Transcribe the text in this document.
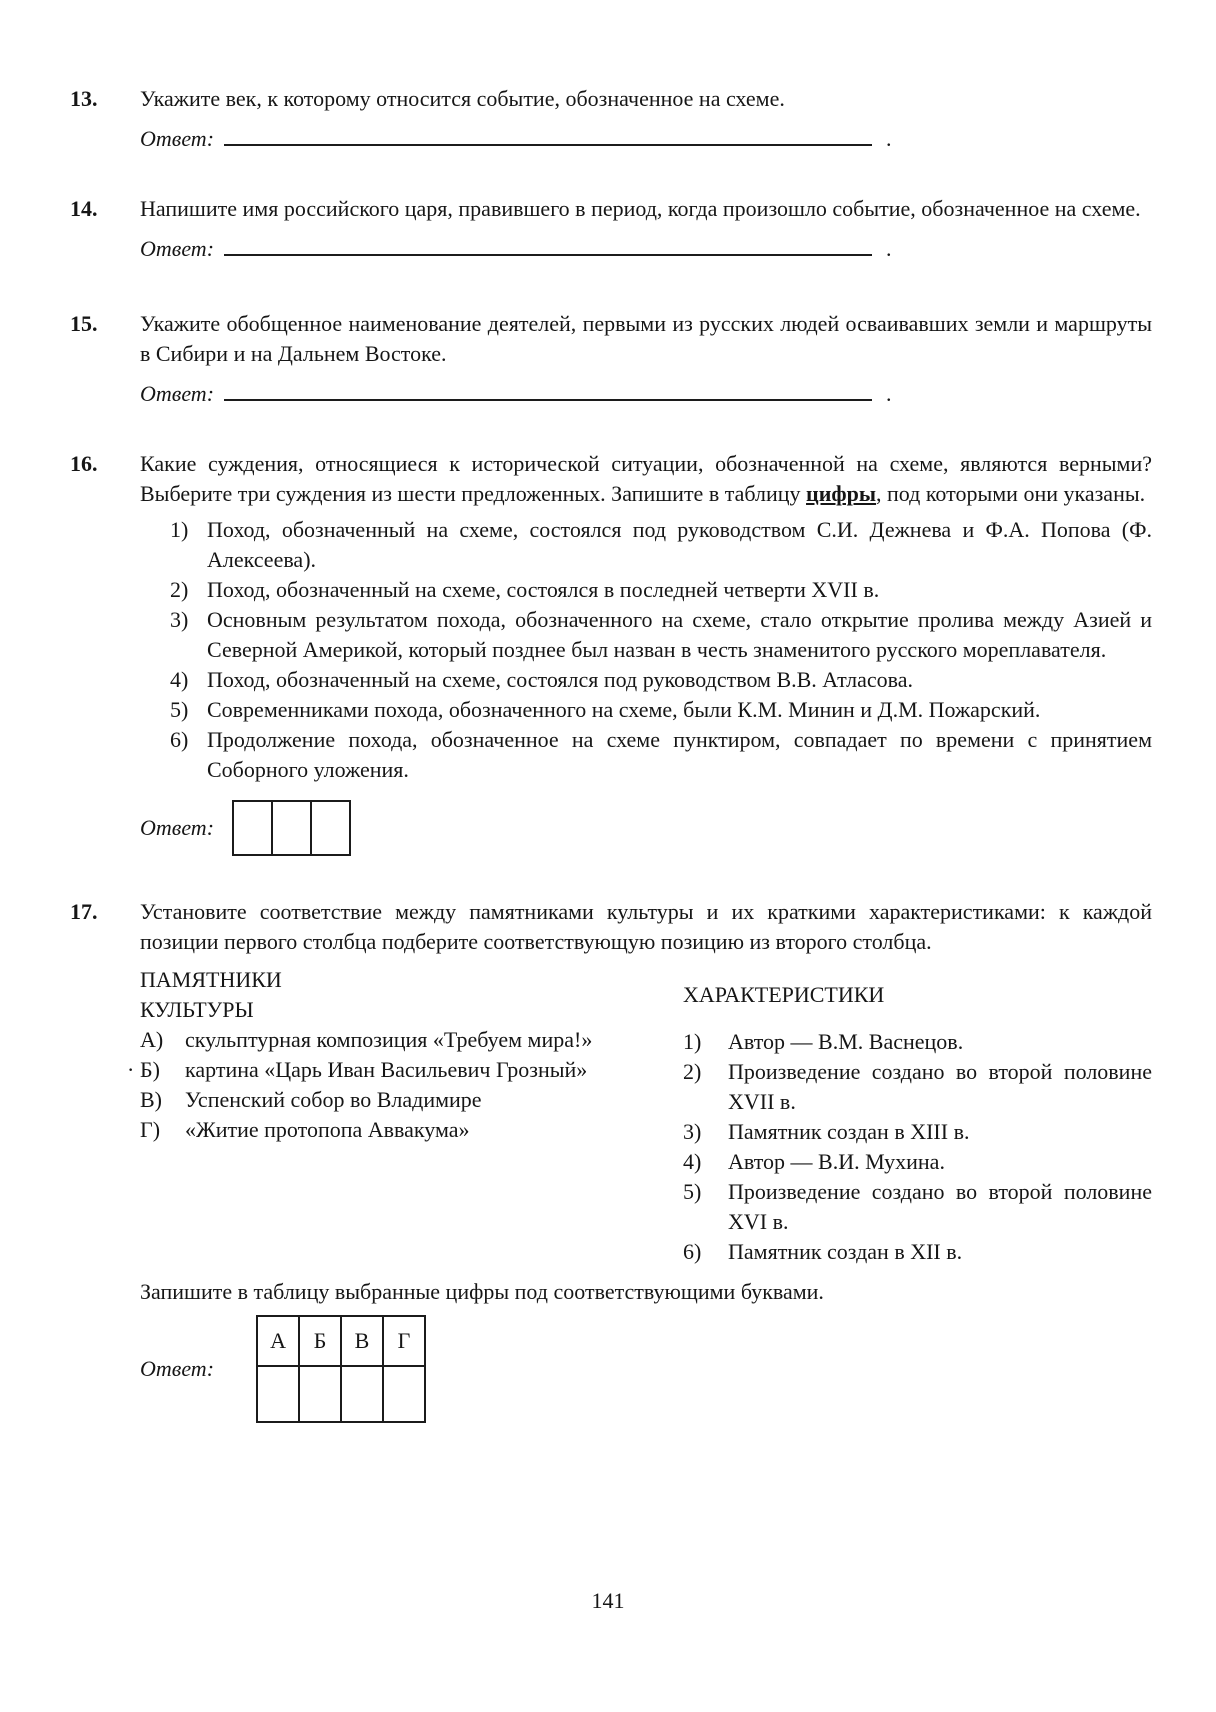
13.	Укажите век, к которому относится событие, обозначенное на схеме.

Ответ:	.
14.	Напишите имя российского царя, правившего в период, когда произошло событие, обозначенное на схеме.

Ответ:	.
15.	Укажите обобщенное наименование деятелей, первыми из русских людей осваивавших земли и маршруты в Сибири и на Дальнем Востоке.

Ответ:	.
16.	Какие суждения, относящиеся к исторической ситуации, обозначенной на схеме, являются верными? Выберите три суждения из шести предложенных. Запишите в таблицу цифры, под которыми они указаны.

1) Поход, обозначенный на схеме, состоялся под руководством С.И. Дежнева и Ф.А. Попова (Ф. Алексеева).

2) Поход, обозначенный на схеме, состоялся в последней четверти XVII в.

3) Основным результатом похода, обозначенного на схеме, стало открытие пролива между Азией и Северной Америкой, который позднее был назван в честь знаменитого русского мореплавателя.

4) Поход, обозначенный на схеме, состоялся под руководством В.В. Атласова.

5) Современниками похода, обозначенного на схеме, были К.М. Минин и Д.М. Пожарский.

6) Продолжение похода, обозначенное на схеме пунктиром, совпадает по времени с принятием Соборного уложения.

Ответ:
17.	Установите соответствие между памятниками культуры и их краткими характеристиками: к каждой позиции первого столбца подберите соответствующую позицию из второго столбца.

ПАМЯТНИКИ

КУЛЬТУРЫ

А) скульптурная композиция «Требуем мира!»

· Б)	картина «Царь Иван Васильевич Грозный»

В)	Успенский собор во Владимире

Г)	«Житие протопопа Аввакума»

ХАРАКТЕРИСТИКИ

1)	Автор — В.М. Васнецов.

2)	Произведение создано во второй половине XVII в.

3)	Памятник создан в XIII в.

4)	Автор — В.И. Мухина.

5)	Произведение создано во второй половине XVI в.

6)	Памятник создан в XII в.

Запишите в таблицу выбранные цифры под соответствующими буквами.

Ответ:
А	Б	В	Г

141
